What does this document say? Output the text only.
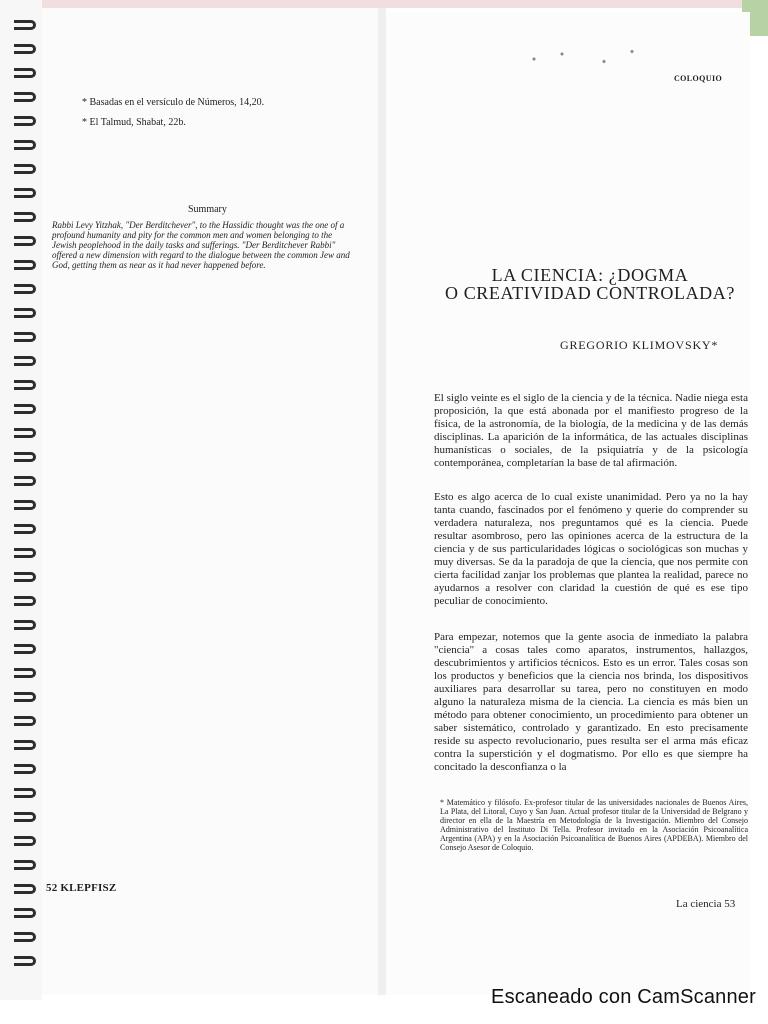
* Basadas en el versículo de Números, 14,20.
* El Talmud, Shabat, 22b.
Summary
Rabbi Levy Yitzhak, "Der Berditchever", to the Hassidic thought was the one of a profound humanity and pity for the common men and women belonging to the Jewish peoplehood in the daily tasks and sufferings. "Der Berditchever Rabbi" offered a new dimension with regard to the dialogue between the common Jew and God, getting them as near as it had never happened before.
52 KLEPFISZ
COLOQUIO
LA CIENCIA: ¿DOGMA
O CREATIVIDAD CONTROLADA?
GREGORIO KLIMOVSKY*
El siglo veinte es el siglo de la ciencia y de la técnica. Nadie niega esta proposición, la que está abonada por el manifiesto progreso de la física, de la astronomía, de la biología, de la medicina y de las demás disciplinas. La aparición de la informática, de las actuales disciplinas humanísticas o sociales, de la psiquiatría y de la psicología contemporánea, completarían la base de tal afirmación.
Esto es algo acerca de lo cual existe unanimidad. Pero ya no la hay tanta cuando, fascinados por el fenómeno y querie do comprender su verdadera naturaleza, nos preguntamos qué es la ciencia. Puede resultar asombroso, pero las opiniones acerca de la estructura de la ciencia y de sus particularidades lógicas o sociológicas son muchas y muy diversas. Se da la paradoja de que la ciencia, que nos permite con cierta facilidad zanjar los problemas que plantea la realidad, parece no ayudarnos a resolver con claridad la cuestión de qué es ese tipo peculiar de conocimiento.
Para empezar, notemos que la gente asocia de inmediato la palabra "ciencia" a cosas tales como aparatos, instrumentos, hallazgos, descubrimientos y artificios técnicos. Esto es un error. Tales cosas son los productos y beneficios que la ciencia nos brinda, los dispositivos auxiliares para desarrollar su tarea, pero no constituyen en modo alguno la naturaleza misma de la ciencia. La ciencia es más bien un método para obtener conocimiento, un procedimiento para obtener un saber sistemático, controlado y garantizado. En esto precisamente reside su aspecto revolucionario, pues resulta ser el arma más eficaz contra la superstición y el dogmatismo. Por ello es que siempre ha concitado la desconfianza o la
* Matemático y filósofo. Ex-profesor titular de las universidades nacionales de Buenos Aires, La Plata, del Litoral, Cuyo y San Juan. Actual profesor titular de la Universidad de Belgrano y director en ella de la Maestría en Metodología de la Investigación. Miembro del Consejo Administrativo del Instituto Di Tella. Profesor invitado en la Asociación Psicoanalítica Argentina (APA) y en la Asociación Psicoanalítica de Buenos Aires (APDEBA). Miembro del Consejo Asesor de Coloquio.
La ciencia 53
Escaneado con CamScanner
